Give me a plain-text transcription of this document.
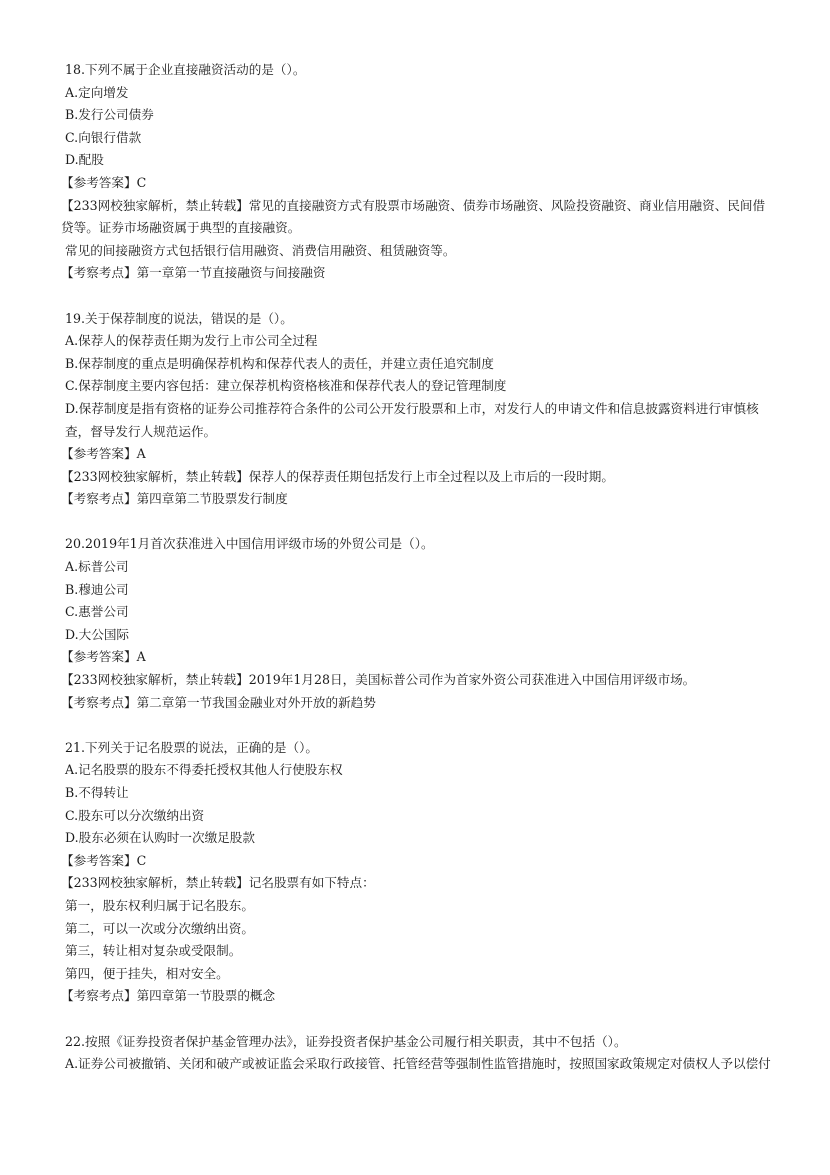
18.下列不属于企业直接融资活动的是（）。
A.定向增发
B.发行公司债券
C.向银行借款
D.配股
【参考答案】C
【233网校独家解析，禁止转载】常见的直接融资方式有股票市场融资、债券市场融资、风险投资融资、商业信用融资、民间借贷等。证券市场融资属于典型的直接融资。
常见的间接融资方式包括银行信用融资、消费信用融资、租赁融资等。
【考察考点】第一章第一节直接融资与间接融资
19.关于保荐制度的说法，错误的是（）。
A.保荐人的保荐责任期为发行上市公司全过程
B.保荐制度的重点是明确保荐机构和保荐代表人的责任，并建立责任追究制度
C.保荐制度主要内容包括：建立保荐机构资格核准和保荐代表人的登记管理制度
D.保荐制度是指有资格的证券公司推荐符合条件的公司公开发行股票和上市，对发行人的申请文件和信息披露资料进行审慎核查，督导发行人规范运作。
【参考答案】A
【233网校独家解析，禁止转载】保荐人的保荐责任期包括发行上市全过程以及上市后的一段时期。
【考察考点】第四章第二节股票发行制度
20.2019年1月首次获准进入中国信用评级市场的外贸公司是（）。
A.标普公司
B.穆迪公司
C.惠誉公司
D.大公国际
【参考答案】A
【233网校独家解析，禁止转载】2019年1月28日，美国标普公司作为首家外资公司获准进入中国信用评级市场。
【考察考点】第二章第一节我国金融业对外开放的新趋势
21.下列关于记名股票的说法，正确的是（）。
A.记名股票的股东不得委托授权其他人行使股东权
B.不得转让
C.股东可以分次缴纳出资
D.股东必须在认购时一次缴足股款
【参考答案】C
【233网校独家解析，禁止转载】记名股票有如下特点：
第一，股东权利归属于记名股东。
第二，可以一次或分次缴纳出资。
第三，转让相对复杂或受限制。
第四，便于挂失，相对安全。
【考察考点】第四章第一节股票的概念
22.按照《证券投资者保护基金管理办法》，证券投资者保护基金公司履行相关职责，其中不包括（）。
A.证券公司被撤销、关闭和破产或被证监会采取行政接管、托管经营等强制性监管措施时，按照国家政策规定对债权人予以偿付
